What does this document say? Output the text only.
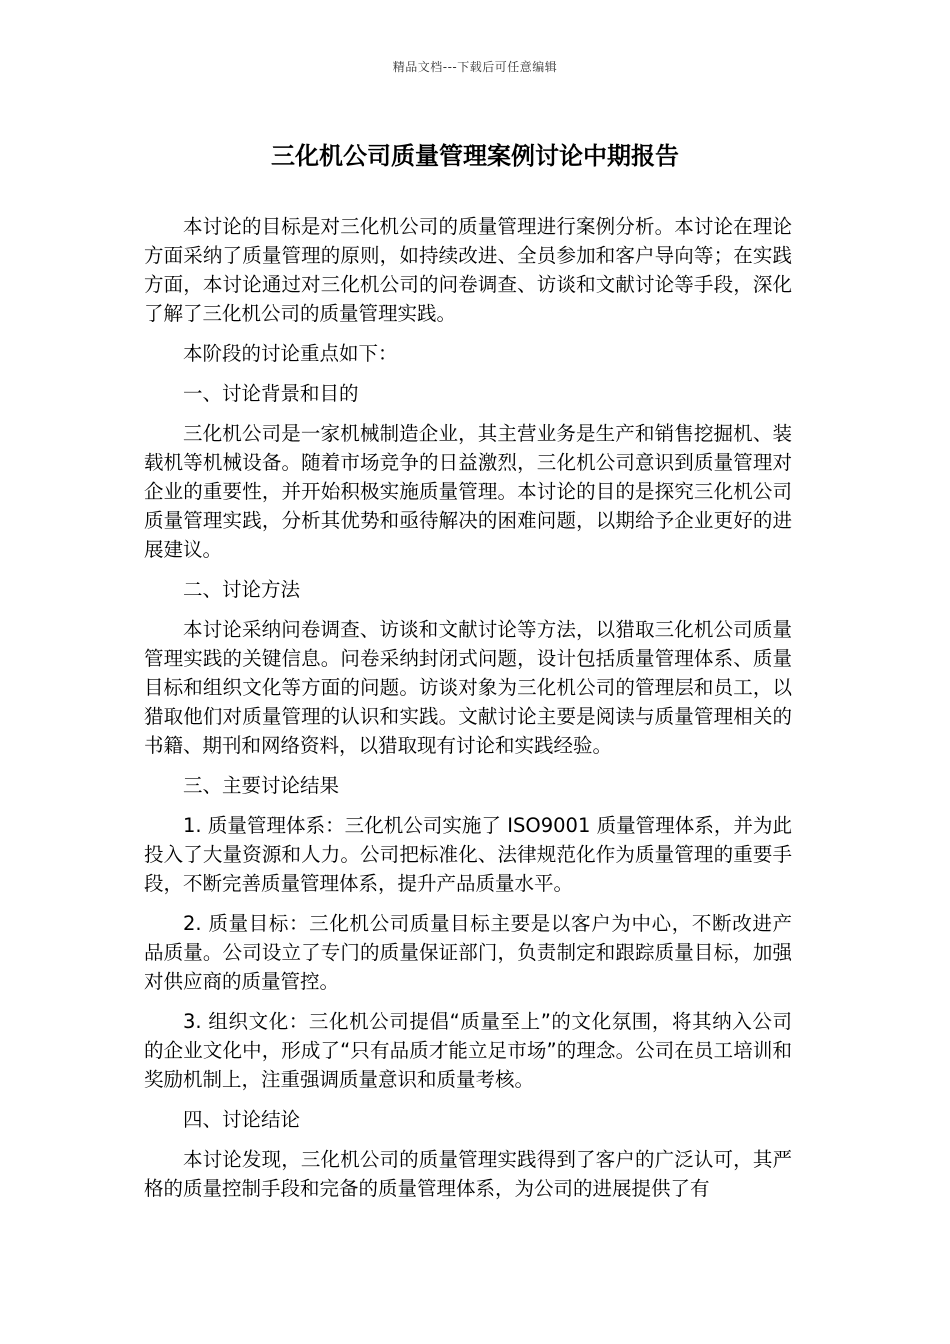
精品文档---下载后可任意编辑
三化机公司质量管理案例讨论中期报告

本讨论的目标是对三化机公司的质量管理进行案例分析。本讨论在理论方面采纳了质量管理的原则，如持续改进、全员参加和客户导向等；在实践方面，本讨论通过对三化机公司的问卷调查、访谈和文献讨论等手段，深化了解了三化机公司的质量管理实践。

本阶段的讨论重点如下：

一、讨论背景和目的

三化机公司是一家机械制造企业，其主营业务是生产和销售挖掘机、装载机等机械设备。随着市场竞争的日益激烈，三化机公司意识到质量管理对企业的重要性，并开始积极实施质量管理。本讨论的目的是探究三化机公司质量管理实践，分析其优势和亟待解决的困难问题，以期给予企业更好的进展建议。

二、讨论方法

本讨论采纳问卷调查、访谈和文献讨论等方法，以猎取三化机公司质量管理实践的关键信息。问卷采纳封闭式问题，设计包括质量管理体系、质量目标和组织文化等方面的问题。访谈对象为三化机公司的管理层和员工，以猎取他们对质量管理的认识和实践。文献讨论主要是阅读与质量管理相关的书籍、期刊和网络资料，以猎取现有讨论和实践经验。

三、主要讨论结果

1. 质量管理体系：三化机公司实施了 ISO9001 质量管理体系，并为此投入了大量资源和人力。公司把标准化、法律规范化作为质量管理的重要手段，不断完善质量管理体系，提升产品质量水平。

2. 质量目标：三化机公司质量目标主要是以客户为中心，不断改进产品质量。公司设立了专门的质量保证部门，负责制定和跟踪质量目标，加强对供应商的质量管控。

3. 组织文化：三化机公司提倡“质量至上”的文化氛围，将其纳入公司的企业文化中，形成了“只有品质才能立足市场”的理念。公司在员工培训和奖励机制上，注重强调质量意识和质量考核。

四、讨论结论

本讨论发现，三化机公司的质量管理实践得到了客户的广泛认可，其严格的质量控制手段和完备的质量管理体系，为公司的进展提供了有
